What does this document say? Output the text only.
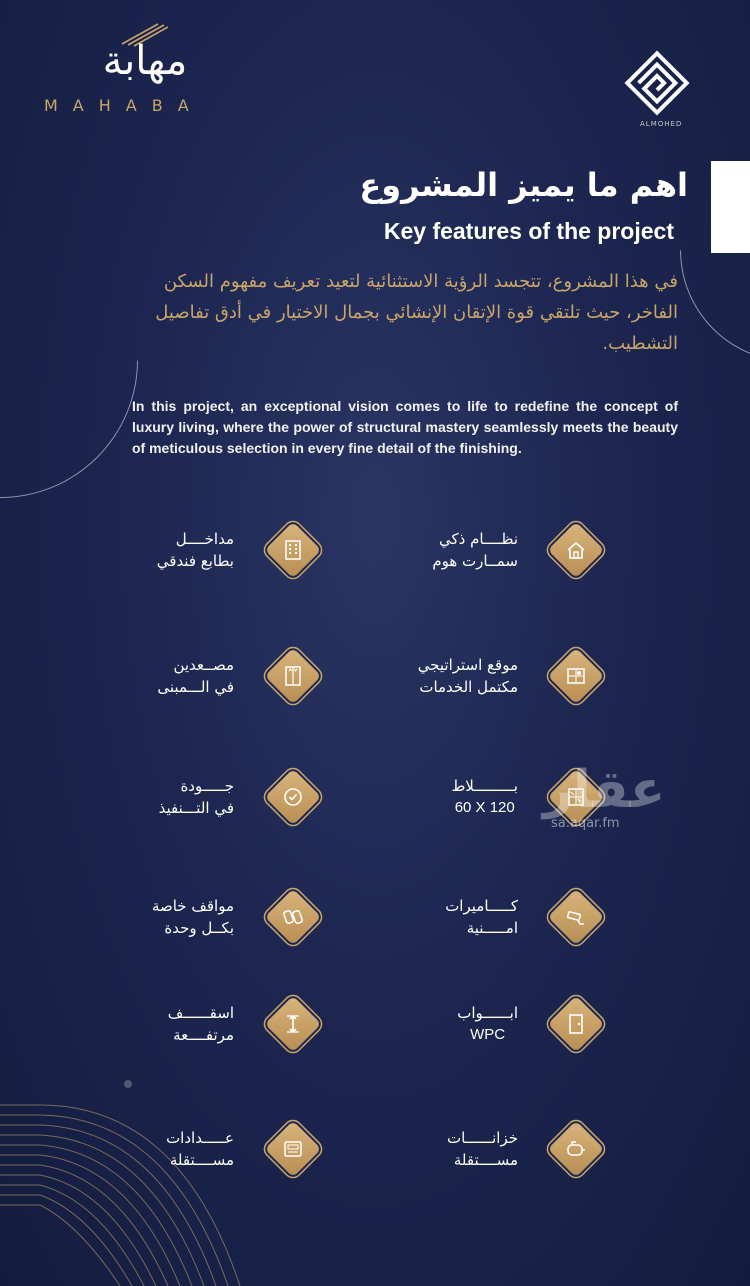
مهابة
MAHABA
ALMOHED
اهم ما يميز المشروع
Key features of the project
في هذا المشروع، تتجسد الرؤية الاستثنائية لتعيد تعريف مفهوم السكن الفاخر، حيث تلتقي قوة الإتقان الإنشائي بجمال الاختيار في أدق تفاصيل التشطيب.
In this project, an exceptional vision comes to life to redefine the concept of luxury living, where the power of structural mastery seamlessly meets the beauty of meticulous selection in every fine detail of the finishing.
مداخــــل
بطابع فندقي
نظــــام ذكي
سمــارت هوم
مصــعدين
في الـــمبنى
موقع استراتيجي
مكتمل الخدمات
جـــــودة
في التـــنفيذ
بـــــــــلاط
60 X 120
مواقف خاصة
بكــل وحدة
كـــــاميرات
امـــــنية
اسقــــــف
مرتفــــعة
ابــــــواب
WPC
عـــــدادات
مســــتقلة
خزانــــــات
مســــتقلة
عقار
sa.aqar.fm
